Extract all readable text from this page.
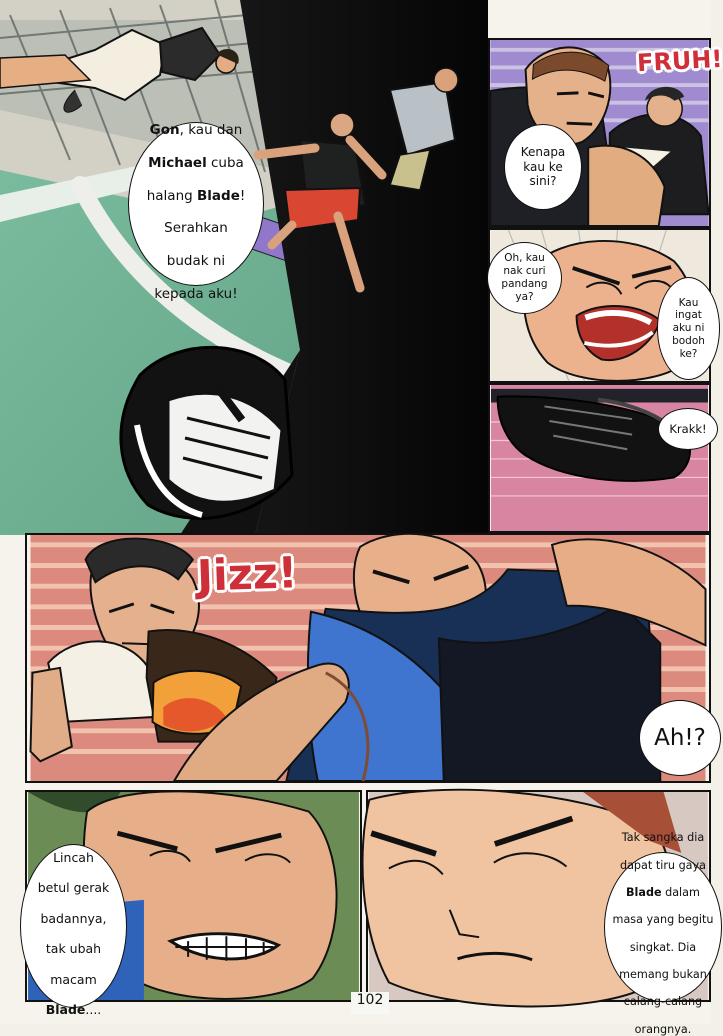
Gon, kau dan

Michael cuba

halang Blade!

Serahkan

budak ni

kepada aku!

FRUH!
Kenapa
kau ke
sini?
Oh, kau
nak curi
pandang
ya?	Kau
ingat
aku ni
bodoh
ke?
Krakk!
Jizz!
Ah!?

Lincah

betul gerak

badannya,

tak ubah

macam

Blade....

Tak sangka dia

dapat tiru gaya

Blade dalam

masa yang begitu

singkat. Dia

memang bukan

calang-calang

orangnya.

102
